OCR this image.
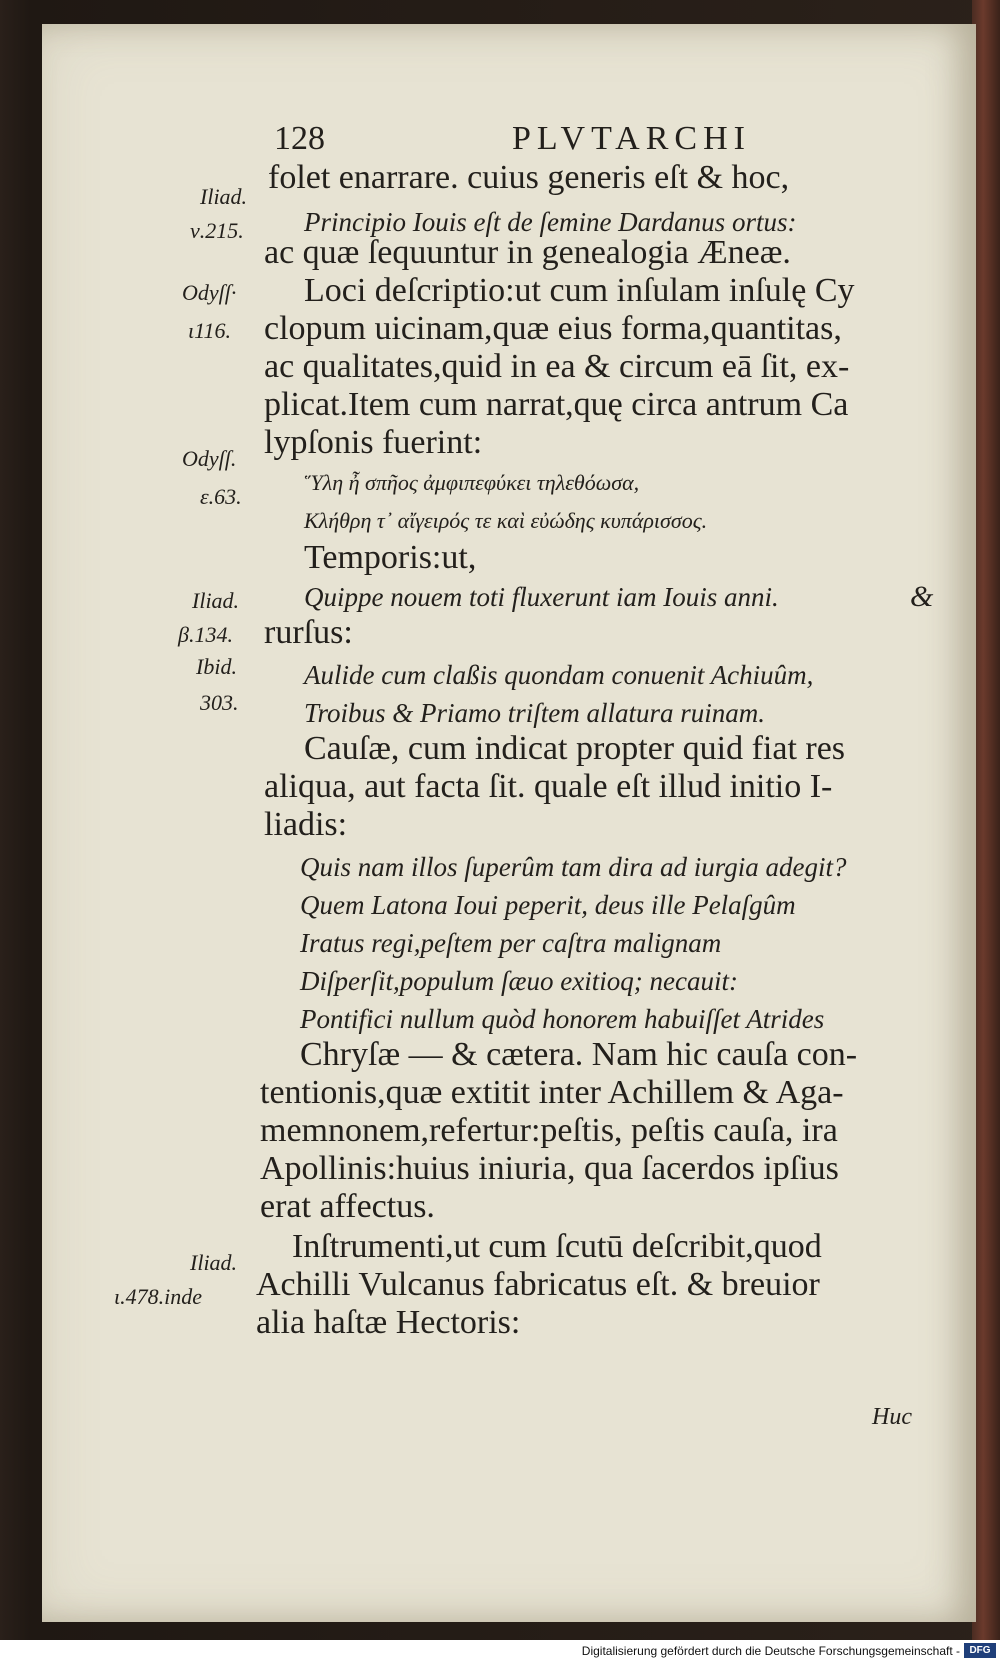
128	PLVTARCHI
folet enarrare. cuius generis eſt & hoc,
Principio Iouis eſt de ſemine Dardanus ortus:
ac quæ ſequuntur in genealogia Æneæ.
Loci deſcriptio:ut cum inſulam inſulę Cy
clopum uicinam,quæ eius forma,quantitas,
ac qualitates,quid in ea & circum eā ſit, ex-
plicat.Item cum narrat,quę circa antrum Ca
lypſonis fuerint:
Ὕλη ἦ σπῆος ἀμφιπεφύκει τηλεθόωσα,
Κλήθρη τ᾽ αἴγειρός τε καὶ εὐώδης κυπάρισσος.
Temporis:ut,
Quippe nouem toti fluxerunt iam Iouis anni.	&
rurſus:
Aulide cum claßis quondam conuenit Achiuûm,
Troibus & Priamo triſtem allatura ruinam.
Cauſæ, cum indicat propter quid fiat res
aliqua, aut facta ſit. quale eſt illud initio I-
liadis:
Quis nam illos ſuperûm tam dira ad iurgia adegit?
Quem Latona Ioui peperit, deus ille Pelaſgûm
Iratus regi,peſtem per caſtra malignam
Diſperſit,populum ſæuo exitioq; necauit:
Pontifici nullum quòd honorem habuiſſet Atrides
Chryſæ — & cætera. Nam hic cauſa con-
tentionis,quæ extitit inter Achillem & Aga-
memnonem,refertur:peſtis, peſtis cauſa, ira
Apollinis:huius iniuria, qua ſacerdos ipſius
erat affectus.
Inſtrumenti,ut cum ſcutū deſcribit,quod
Achilli Vulcanus fabricatus eſt. & breuior
alia haſtæ Hectoris:
Iliad.
ν.215.
Odyſſ·
ι116.
Odyſſ.
ε.63.
Iliad.
β.134.
Ibid.
303.
Iliad.
ι.478.inde
Huc
Digitalisierung gefördert durch die Deutsche Forschungsgemeinschaft - DFG
